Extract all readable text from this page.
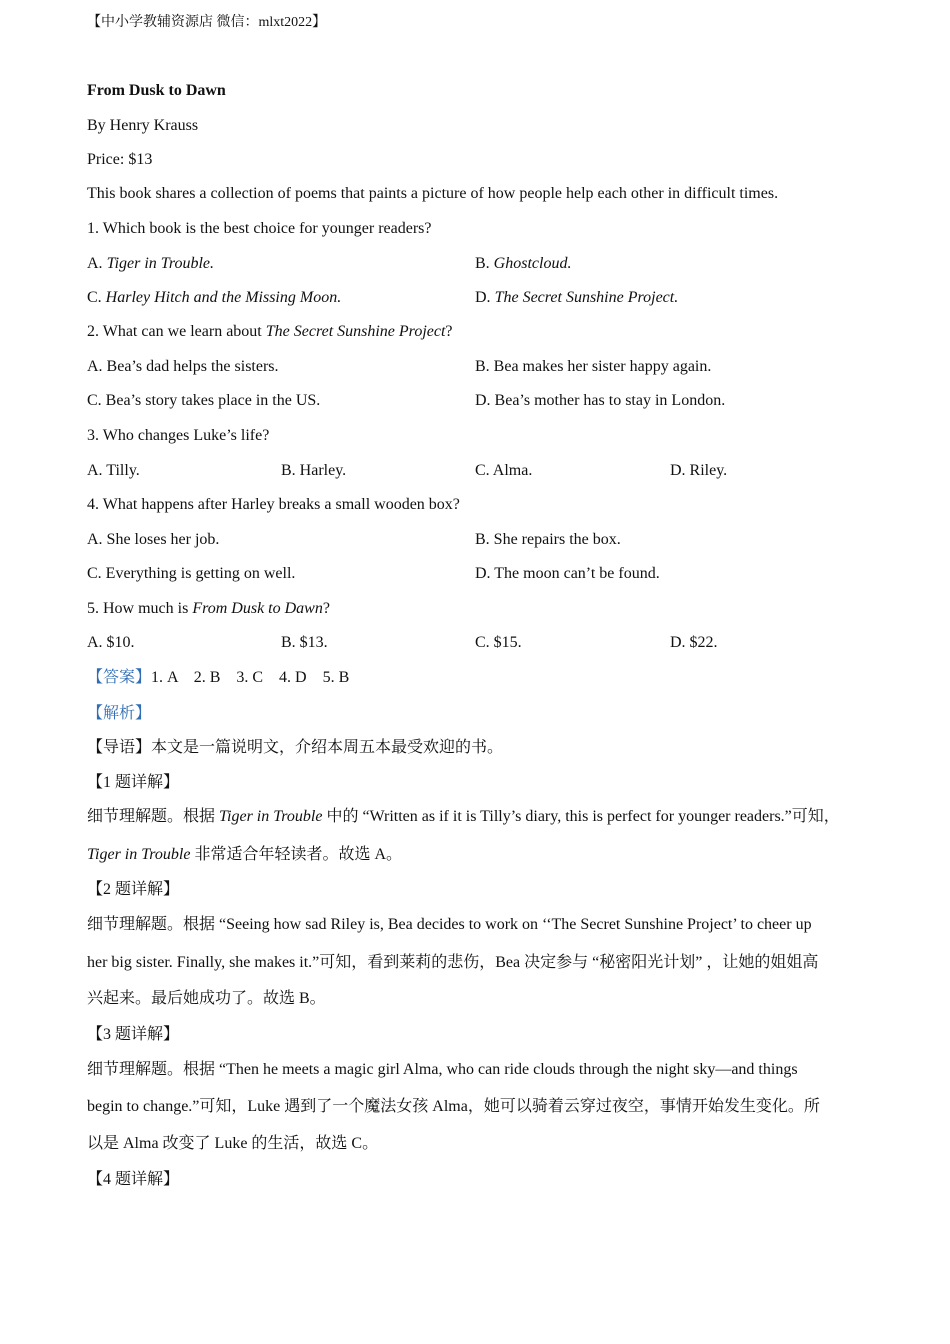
【中小学教辅资源店 微信：mlxt2022】
From Dusk to Dawn
By Henry Krauss
Price: $13
This book shares a collection of poems that paints a picture of how people help each other in difficult times.
1. Which book is the best choice for younger readers?
A. Tiger in Trouble.	B. Ghostcloud.
C. Harley Hitch and the Missing Moon.	D. The Secret Sunshine Project.
2. What can we learn about The Secret Sunshine Project?
A. Bea’s dad helps the sisters.	B. Bea makes her sister happy again.
C. Bea’s story takes place in the US.	D. Bea’s mother has to stay in London.
3. Who changes Luke’s life?
A. Tilly.	B. Harley.	C. Alma.	D. Riley.
4. What happens after Harley breaks a small wooden box?
A. She loses her job.	B. She repairs the box.
C. Everything is getting on well.	D. The moon can’t be found.
5. How much is From Dusk to Dawn?
A. $10.	B. $13.	C. $15.	D. $22.
【答案】1. A    2. B    3. C    4. D    5. B
【解析】
【导语】本文是一篇说明文，介绍本周五本最受欢迎的书。
【1 题详解】
细节理解题。根据 Tiger in Trouble 中的 “Written as if it is Tilly’s diary, this is perfect for younger readers.”可知，
Tiger in Trouble 非常适合年轻读者。故选 A。
【2 题详解】
细节理解题。根据 “Seeing how sad Riley is, Bea decides to work on ‘‘The Secret Sunshine Project’ to cheer up
her big sister. Finally, she makes it.”可知，看到莱莉的悲伤，Bea 决定参与 “秘密阳光计划” ，让她的姐姐高
兴起来。最后她成功了。故选 B。
【3 题详解】
细节理解题。根据 “Then he meets a magic girl Alma, who can ride clouds through the night sky—and things
begin to change.”可知，Luke 遇到了一个魔法女孩 Alma，她可以骑着云穿过夜空，事情开始发生变化。所
以是 Alma 改变了 Luke 的生活，故选 C。
【4 题详解】
